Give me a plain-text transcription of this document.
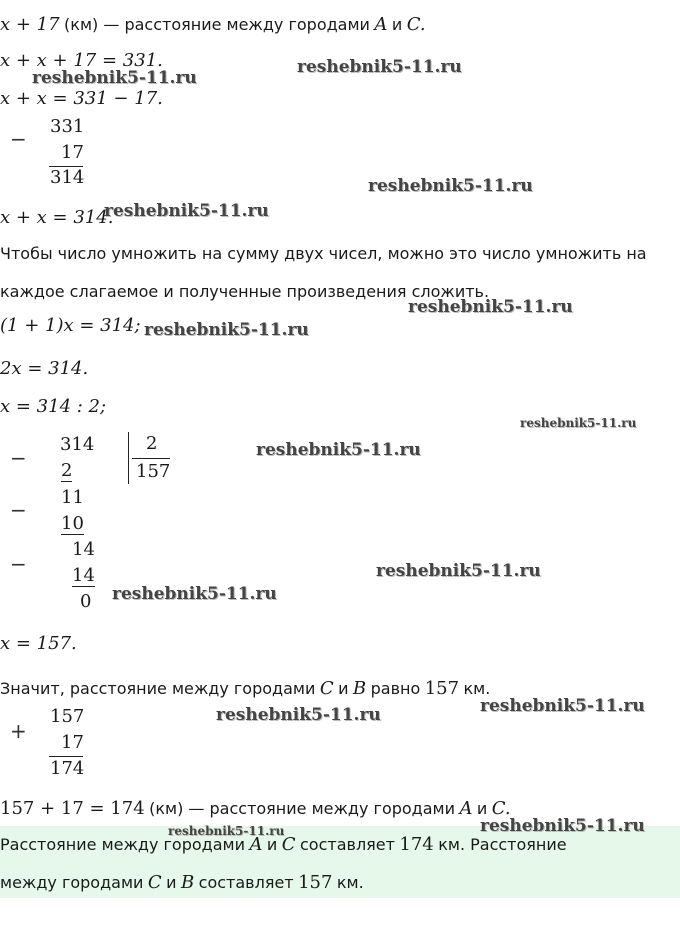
x + 17 (км) — расстояние между городами A и C.
x + x + 17 = 331.
x + x = 331 − 17.
−
331
17
314
x + x = 314.
Чтобы число умножить на сумму двух чисел, можно это число умножить на
каждое слагаемое и полученные произведения сложить.
(1 + 1)x = 314;
2x = 314.
x = 314 : 2;
−
314
2
2
157
−
11
10
−
14
14
0
x = 157.
Значит, расстояние между городами C и B равно 157 км.
+
157
17
174
157 + 17 = 174 (км) — расстояние между городами A и C.
Расстояние между городами A и C составляет 174 км. Расстояние
между городами C и B составляет 157 км.
reshebnik5-11.ru
reshebnik5-11.ru
reshebnik5-11.ru
reshebnik5-11.ru
reshebnik5-11.ru
reshebnik5-11.ru
reshebnik5-11.ru
reshebnik5-11.ru
reshebnik5-11.ru
reshebnik5-11.ru
reshebnik5-11.ru	reshebnik5-11.ru
reshebnik5-11.ru	reshebnik5-11.ru
